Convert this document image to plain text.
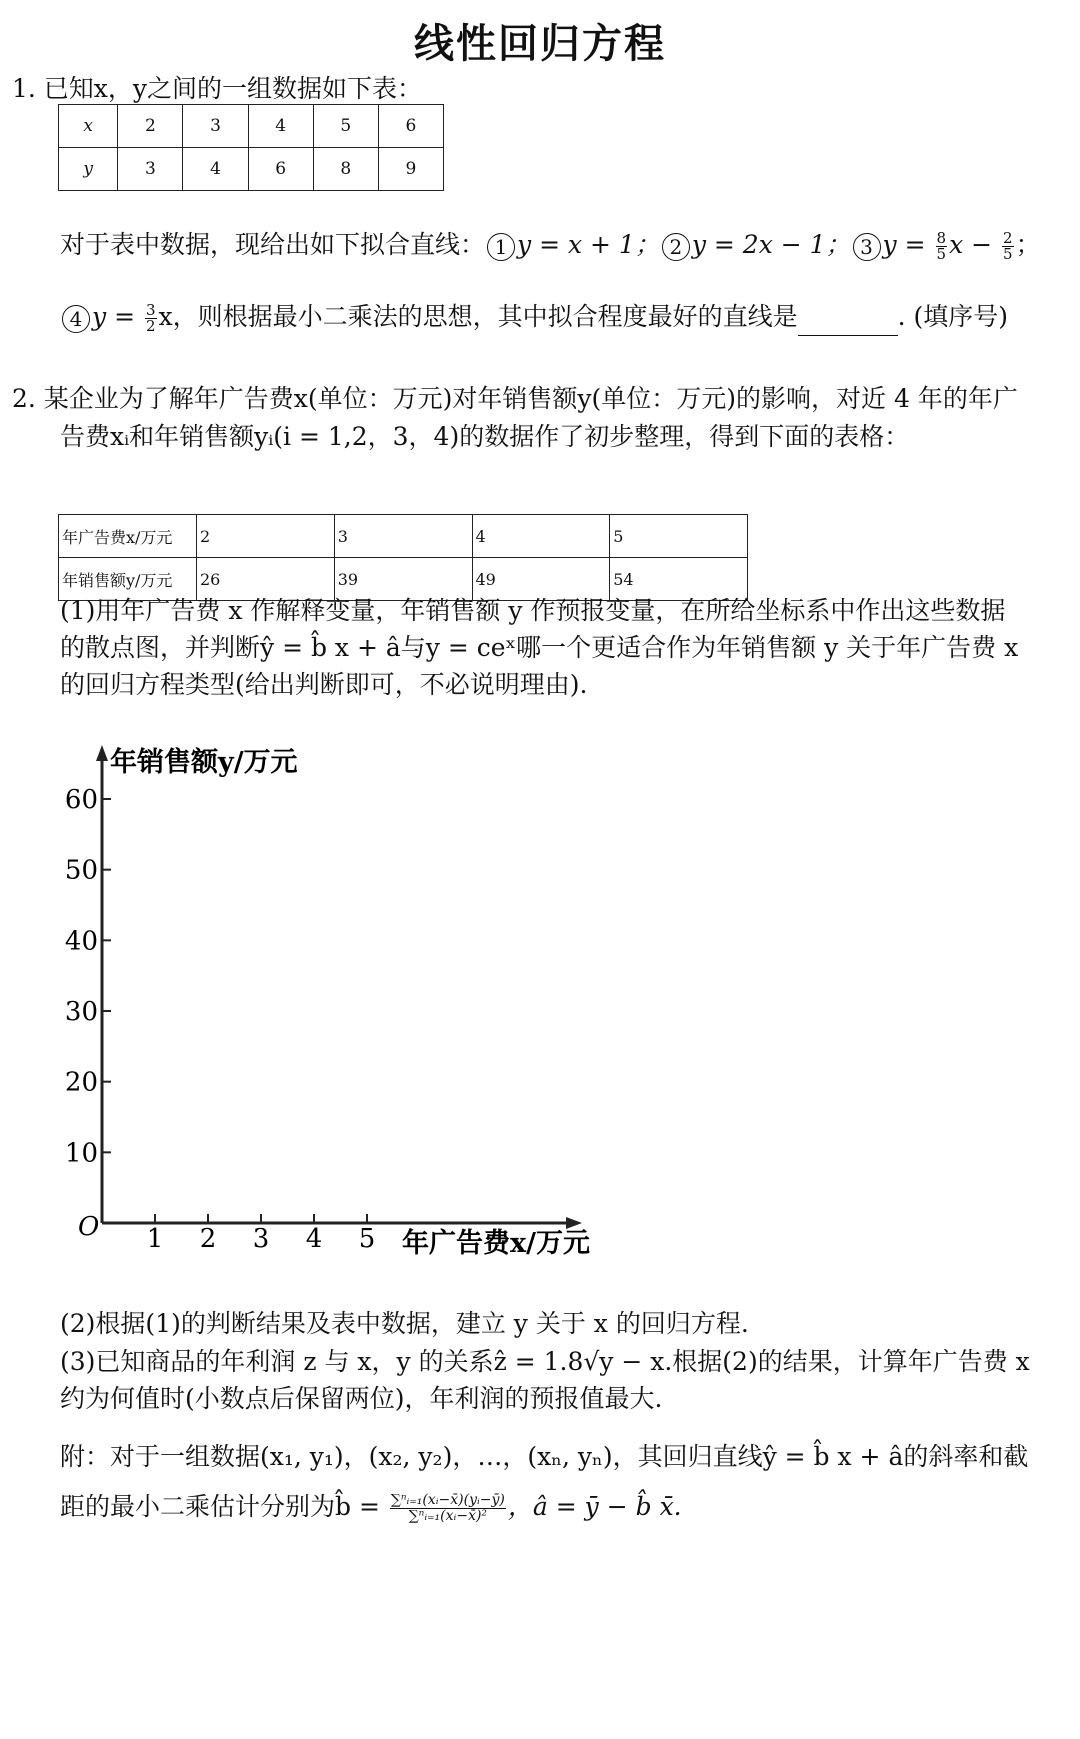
线性回归方程
1. 已知x，y之间的一组数据如下表：
x	2	3	4	5	6
y	3	4	6	8	9
对于表中数据，现给出如下拟合直线： 1 y = x + 1； 2 y = 2x − 1； 3 $y = \frac{8}{5}$ $x - \frac{2}{5}$ ；
4 $y = \frac{3}{2}$ x，则根据最小二乘法的思想，其中拟合程度最好的直线是	. (填序号)
2. 某企业为了解年广告费x(单位：万元)对年销售额y(单位：万元)的影响，对近 4 年的年广
告费xᵢ和年销售额yᵢ(i = 1,2，3，4)的数据作了初步整理，得到下面的表格：
年广告费x/万元	2	3	4	5
年销售额y/万元	26	39	49	54
(1)用年广告费 x 作解释变量，年销售额 y 作预报变量，在所给坐标系中作出这些数据
的散点图，并判断ŷ = b̂ x + â与y = ceˣ哪一个更适合作为年销售额 y 关于年广告费 x
的回归方程类型(给出判断即可，不必说明理由).
O 1 2 3 4 5
10
20
30
40
50
60
年销售额y/万元
年广告费x/万元
(2)根据(1)的判断结果及表中数据，建立 y 关于 x 的回归方程.
(3)已知商品的年利润 z 与 x，y 的关系ẑ = 1.8√y − x.根据(2)的结果，计算年广告费 x
约为何值时(小数点后保留两位)，年利润的预报值最大.
附：对于一组数据(x₁, y₁)，(x₂, y₂)，…，(xₙ, yₙ)，其回归直线ŷ = b̂ x + â的斜率和截
距的最小二乘估计分别为b̂ = $\frac{\text{∑ⁿᵢ₌₁(xᵢ−x̄)(yᵢ−ȳ)}}{\text{∑ⁿᵢ₌₁(xᵢ−x̄)²}}$ ，â = ȳ − b̂ x̄.
